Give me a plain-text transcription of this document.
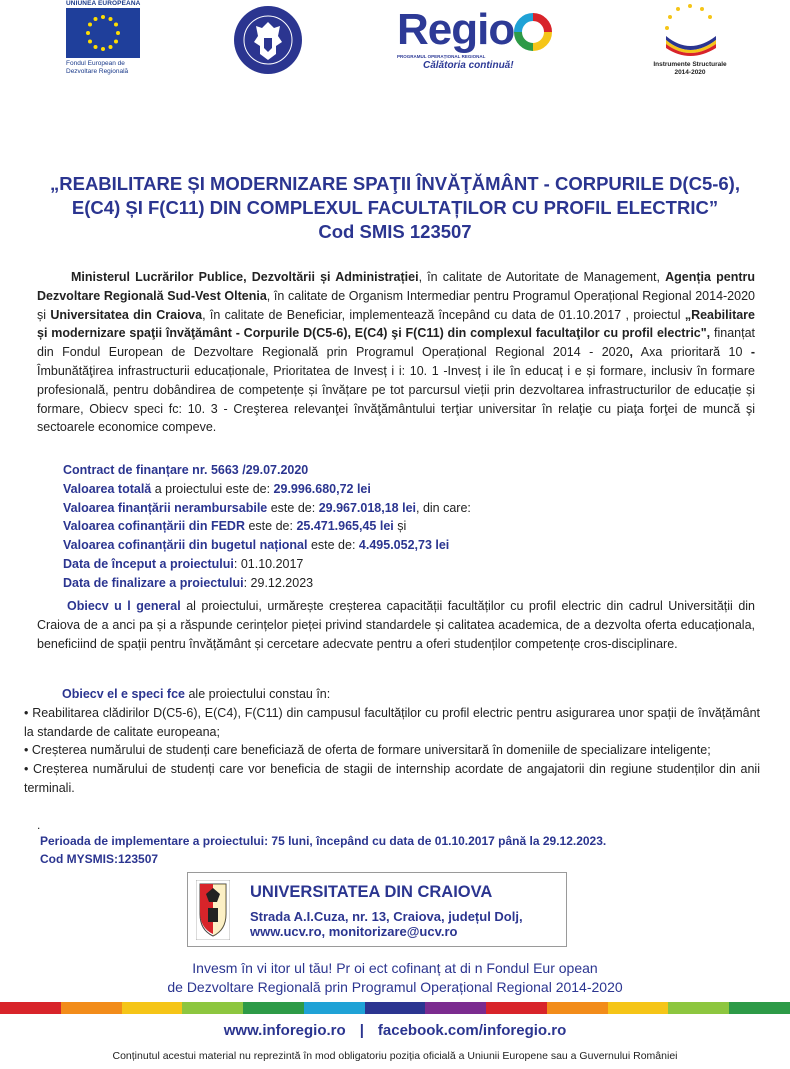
UNIUNEA EUROPEANĂ
Fondul European de
Dezvoltare Regională
Regio
PROGRAMUL OPERAȚIONAL REGIONAL
Călătoria continuă!	Instrumente Structurale
2014-2020
„REABILITARE ȘI MODERNIZARE SPAŢII ÎNVĂŢĂMÂNT - CORPURILE D(C5-6),
E(C4) ȘI F(C11) DIN COMPLEXUL FACULTAȚILOR CU PROFIL ELECTRIC”
Cod SMIS 123507
Ministerul Lucrărilor Publice, Dezvoltării și Administrației, în calitate de Autoritate de Management, Agenția pentru Dezvoltare Regională Sud-Vest Oltenia, în calitate de Organism Intermediar pentru Programul Operațional Regional 2014-2020 și Universitatea din Craiova, în calitate de Beneficiar, implementează începând cu data de 01.10.2017 , proiectul „Reabilitare și modernizare spaţii învăţământ - Corpurile D(C5-6), E(C4) şi F(C11) din complexul facultaţilor cu profil electric", finanțat din Fondul European de Dezvoltare Regională prin Programul Operațional Regional 2014 - 2020, Axa prioritară 10 - Îmbunătăţirea infrastructurii educaționale, Prioritatea de Invesț i i: 10. 1 -Invesț i ile în educaț i e și formare, inclusiv în formare profesională, pentru dobândirea de competențe și învățare pe tot parcursul vieții prin dezvoltarea infrastructurilor de educație și formare, Obiecv speci fc: 10. 3 - Creşterea relevanţei învăţământului terţiar universitar în relaţie cu piaţa forţei de muncă şi sectoarele economice compeve.
Contract de finanțare nr. 5663 /29.07.2020
Valoarea totală a proiectului este de: 29.996.680,72 lei
Valoarea finanțării nerambursabile este de: 29.967.018,18 lei, din care:
Valoarea cofinanțării din FEDR este de: 25.471.965,45 lei și
Valoarea cofinanțării din bugetul național este de: 4.495.052,73 lei
Data de început a proiectului: 01.10.2017
Data de finalizare a proiectului: 29.12.2023
Obiecv u l general al proiectului, urmărește creșterea capacității facultăților cu profil electric din cadrul Universității din Craiova de a anci pa și a răspunde cerințelor pieței privind standardele și calitatea academica, de a dezvolta oferta educaționala, beneficiind de spații pentru învățământ și cercetare adecvate pentru a oferi studenților competențe cros-disciplinare.
Obiecv el e speci fce ale proiectului constau în:
• Reabilitarea clădirilor D(C5-6), E(C4), F(C11) din campusul facultăților cu profil electric pentru asigurarea unor spații de învățământ la standarde de calitate europeana;
• Creșterea numărului de studenți care beneficiază de oferta de formare universitară în domeniile de specializare inteligente;
• Creșterea numărului de studenți care vor beneficia de stagii de internship acordate de angajatorii din regiune studenților din anii terminali.
.
Perioada de implementare a proiectului: 75 luni, începând cu data de 01.10.2017 până la 29.12.2023.
Cod MYSMIS:123507
UNIVERSITATEA DIN CRAIOVA
Strada A.I.Cuza, nr. 13, Craiova, județul Dolj,
www.ucv.ro, monitorizare@ucv.ro
Invesm în vi itor ul tău! Pr oi ect cofinanț at di n Fondul Eur opean
de Dezvoltare Regională prin Programul Operațional Regional 2014-2020
www.inforegio.ro | facebook.com/inforegio.ro
Conținutul acestui material nu reprezintă în mod obligatoriu poziția oficială a Uniunii Europene sau a Guvernului României
